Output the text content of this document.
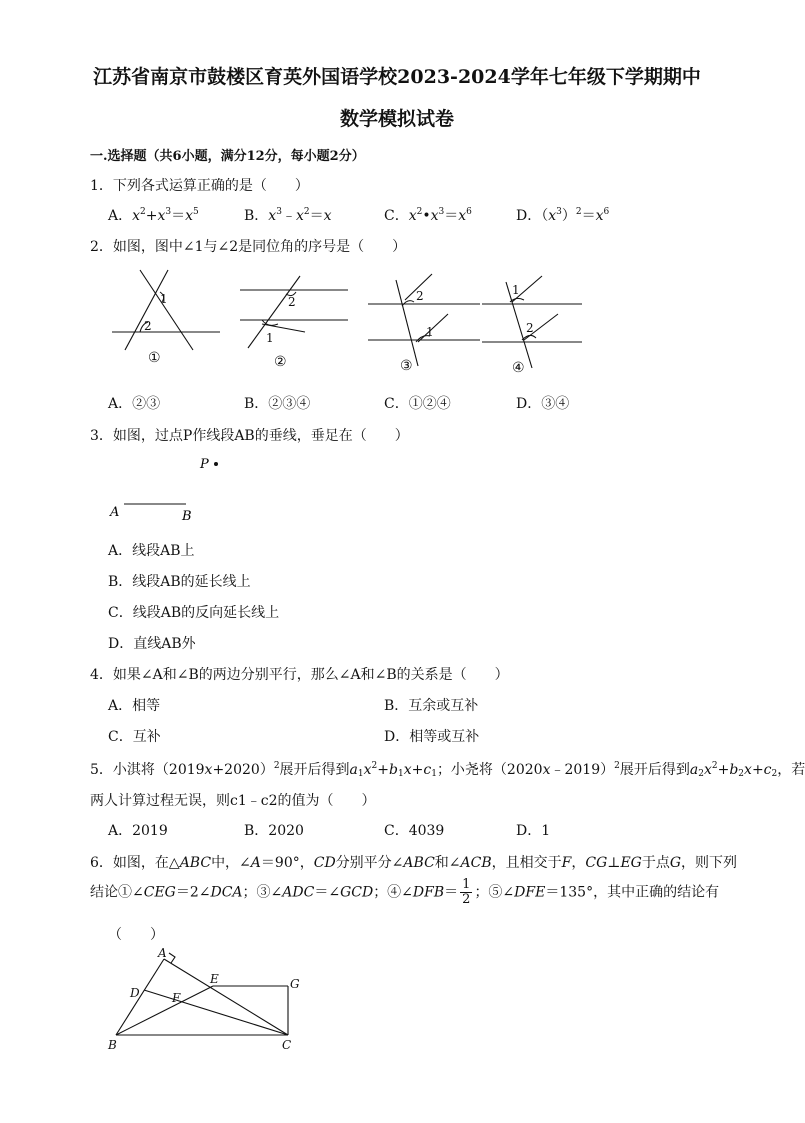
江苏省南京市鼓楼区育英外国语学校2023-2024学年七年级下学期期中
数学模拟试卷
一.选择题（共6小题，满分12分，每小题2分）
1．下列各式运算正确的是（　　）
A．$x^2+x^3=x^5$	B．$x^3﹣x^2=x$	C．$x^2•x^3=x^6$	D．$(x^3)^2=x^6$
2．如图，图中∠1与∠2是同位角的序号是（　　）
1
2
2
1
2
1
1
2
①	②	③	④
A．②③	B．②③④	C．①②④	D．③④
3．如图，过点P作线段AB的垂线，垂足在（　　）
P
A	B
A．线段AB上
B．线段AB的延长线上
C．线段AB的反向延长线上
D．直线AB外
4．如果∠A和∠B的两边分别平行，那么∠A和∠B的关系是（　　）
A．相等	B．互余或互补
C．互补	D．相等或互补
5．小淇将$(2019x+2020)^2$展开后得到$a_1x^2+b_1x+c_1$；小尧将（2020x﹣2019）$^2$展开后得到$a_2x^2+b_2x+c_2$，若
两人计算过程无误，则c1﹣c2的值为（　　）
A．2019	B．2020	C．4039	D．1
6．如图，在△ABC中，∠A＝90°，CD分别平分∠ABC和∠ACB，且相交于F，CG⊥EG于点G，则下列
结论①∠CEG＝2∠DCA；③∠ADC＝∠GCD；④∠DFB＝ $\frac{1}{2}$ ；⑤∠DFE＝135°，其中正确的结论有
（　　）
A
D
E
F
G
B	C
